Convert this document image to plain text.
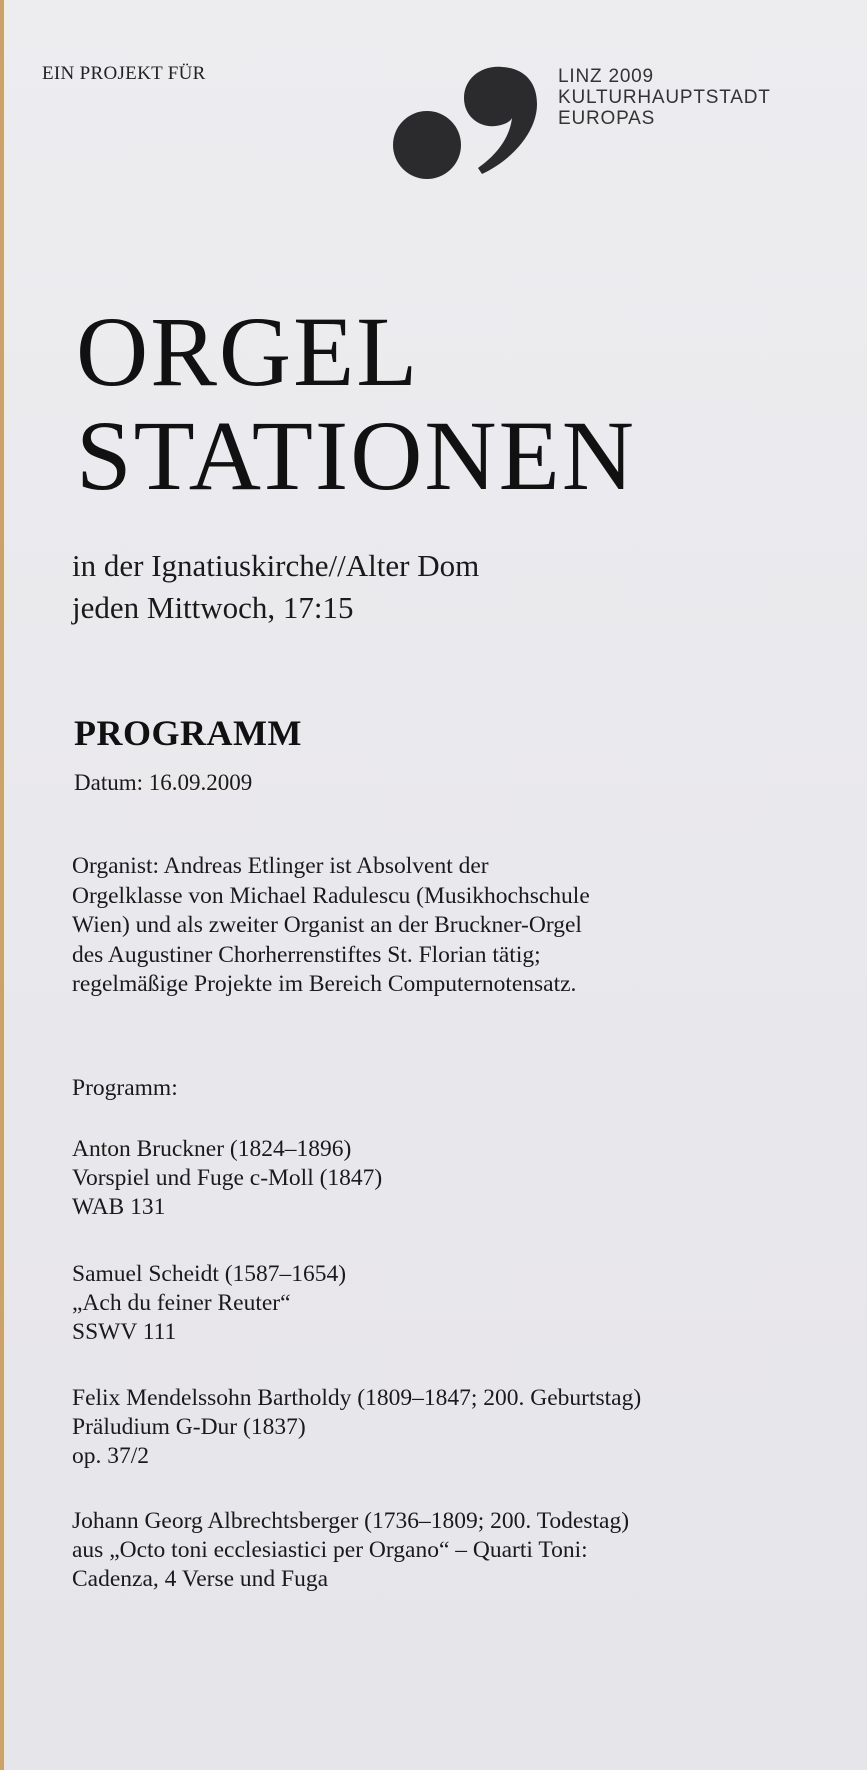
EIN PROJEKT FÜR	LINZ 2009
KULTURHAUPTSTADT
EUROPAS
ORGEL
STATIONEN
in der Ignatiuskirche//Alter Dom
jeden Mittwoch, 17:15
PROGRAMM
Datum: 16.09.2009
Organist: Andreas Etlinger ist Absolvent der
Orgelklasse von Michael Radulescu (Musikhochschule
Wien) und als zweiter Organist an der Bruckner-Orgel
des Augustiner Chorherrenstiftes St. Florian tätig;
regelmäßige Projekte im Bereich Computernotensatz.
Programm:
Anton Bruckner (1824–1896)
Vorspiel und Fuge c-Moll (1847)
WAB 131
Samuel Scheidt (1587–1654)
„Ach du feiner Reuter“
SSWV 111
Felix Mendelssohn Bartholdy (1809–1847; 200. Geburtstag)
Präludium G-Dur (1837)
op. 37/2
Johann Georg Albrechtsberger (1736–1809; 200. Todestag)
aus „Octo toni ecclesiastici per Organo“ – Quarti Toni:
Cadenza, 4 Verse und Fuga
